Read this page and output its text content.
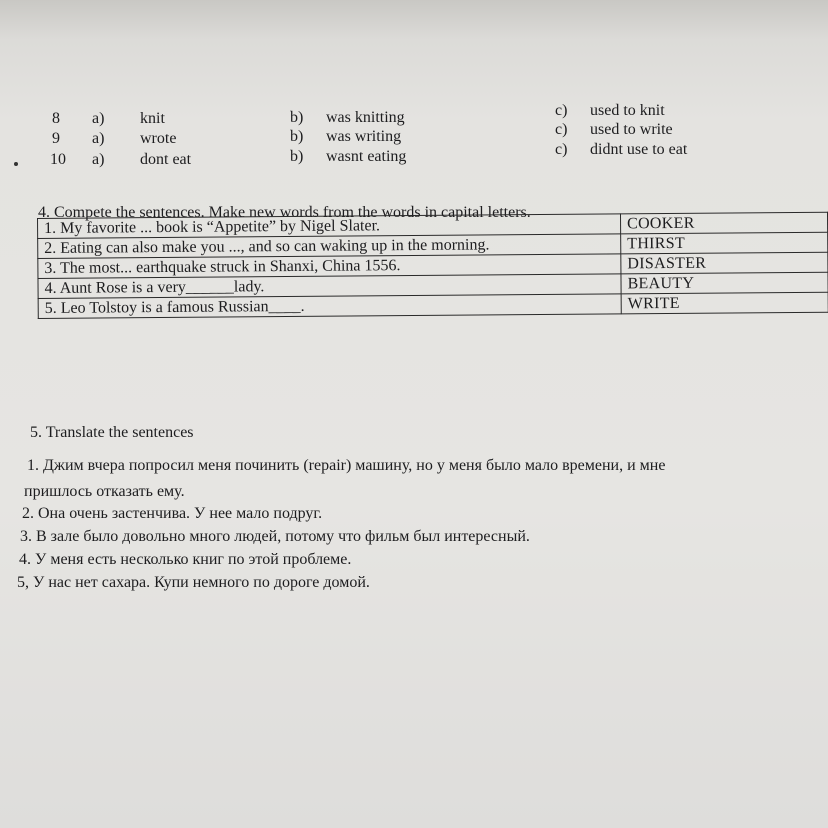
8 a) knit	b) was knitting	c) used to knit
9 a) wrote	b) was writing	c) used to write
10 a) dont eat	b) wasnt eating	c) didnt use to eat
4. Compete the sentences. Make new words from the words in capital letters.
1. My favorite ... book is “Appetite” by Nigel Slater.	COOKER
2. Eating can also make you ..., and so can waking up in the morning.	THIRST
3. The most... earthquake struck in Shanxi, China 1556.	DISASTER
4. Aunt Rose is a very______lady.	BEAUTY
5. Leo Tolstoy is a famous Russian____.	WRITE
5. Translate the sentences
1. Джим вчера попросил меня починить (repair) машину, но у меня было мало времени, и мне
пришлось отказать ему.
2. Она очень застенчива. У нее мало подруг.
3. В зале было довольно много людей, потому что фильм был интересный.
4. У меня есть несколько книг по этой проблеме.
5, У нас нет сахара. Купи немного по дороге домой.
